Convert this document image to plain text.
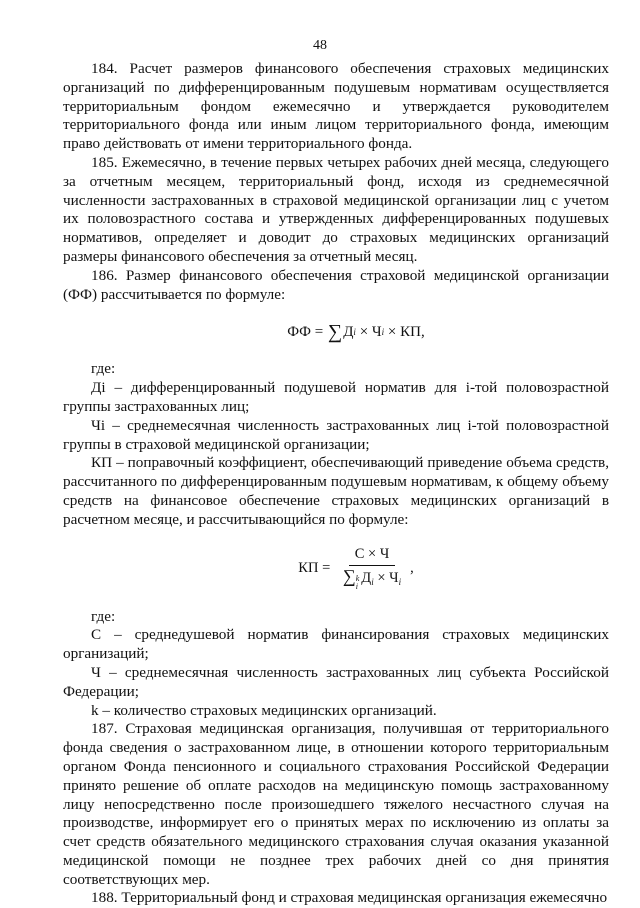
48

184. Расчет размеров финансового обеспечения страховых медицинских организаций по дифференцированным подушевым нормативам осуществляется территориальным фондом ежемесячно и утверждается руководителем территориального фонда или иным лицом территориального фонда, имеющим право действовать от имени территориального фонда.

185. Ежемесячно, в течение первых четырех рабочих дней месяца, следующего за отчетным месяцем, территориальный фонд, исходя из среднемесячной численности застрахованных в страховой медицинской организации лиц с учетом их половозрастного состава и утвержденных дифференцированных подушевых нормативов, определяет и доводит до страховых медицинских организаций размеры финансового обеспечения за отчетный месяц.

186. Размер финансового обеспечения страховой медицинской организации (ФФ) рассчитывается по формуле:

ФФ = ∑ Д i × Ч i × КП,

где:

Дi – дифференцированный подушевой норматив для i-той половозрастной группы застрахованных лиц;

Чi – среднемесячная численность застрахованных лиц i-той половозрастной группы в страховой медицинской организации;

КП – поправочный коэффициент, обеспечивающий приведение объема средств, рассчитанного по дифференцированным подушевым нормативам, к общему объему средств на финансовое обеспечение страховых медицинских организаций в расчетном месяце, и рассчитывающийся по формуле:

КП = С × Ч
∑ k
i
$Д_i \times Ч_i$ ,

где:

С – среднедушевой норматив финансирования страховых медицинских организаций;

Ч – среднемесячная численность застрахованных лиц субъекта Российской Федерации;

k – количество страховых медицинских организаций.

187. Страховая медицинская организация, получившая от территориального фонда сведения о застрахованном лице, в отношении которого территориальным органом Фонда пенсионного и социального страхования Российской Федерации принято решение об оплате расходов на медицинскую помощь застрахованному лицу непосредственно после произошедшего тяжелого несчастного случая на производстве, информирует его о принятых мерах по исключению из оплаты за счет средств обязательного медицинского страхования случая оказания указанной медицинской помощи не позднее трех рабочих дней со дня принятия соответствующих мер.

188. Территориальный фонд и страховая медицинская организация ежемесячно
